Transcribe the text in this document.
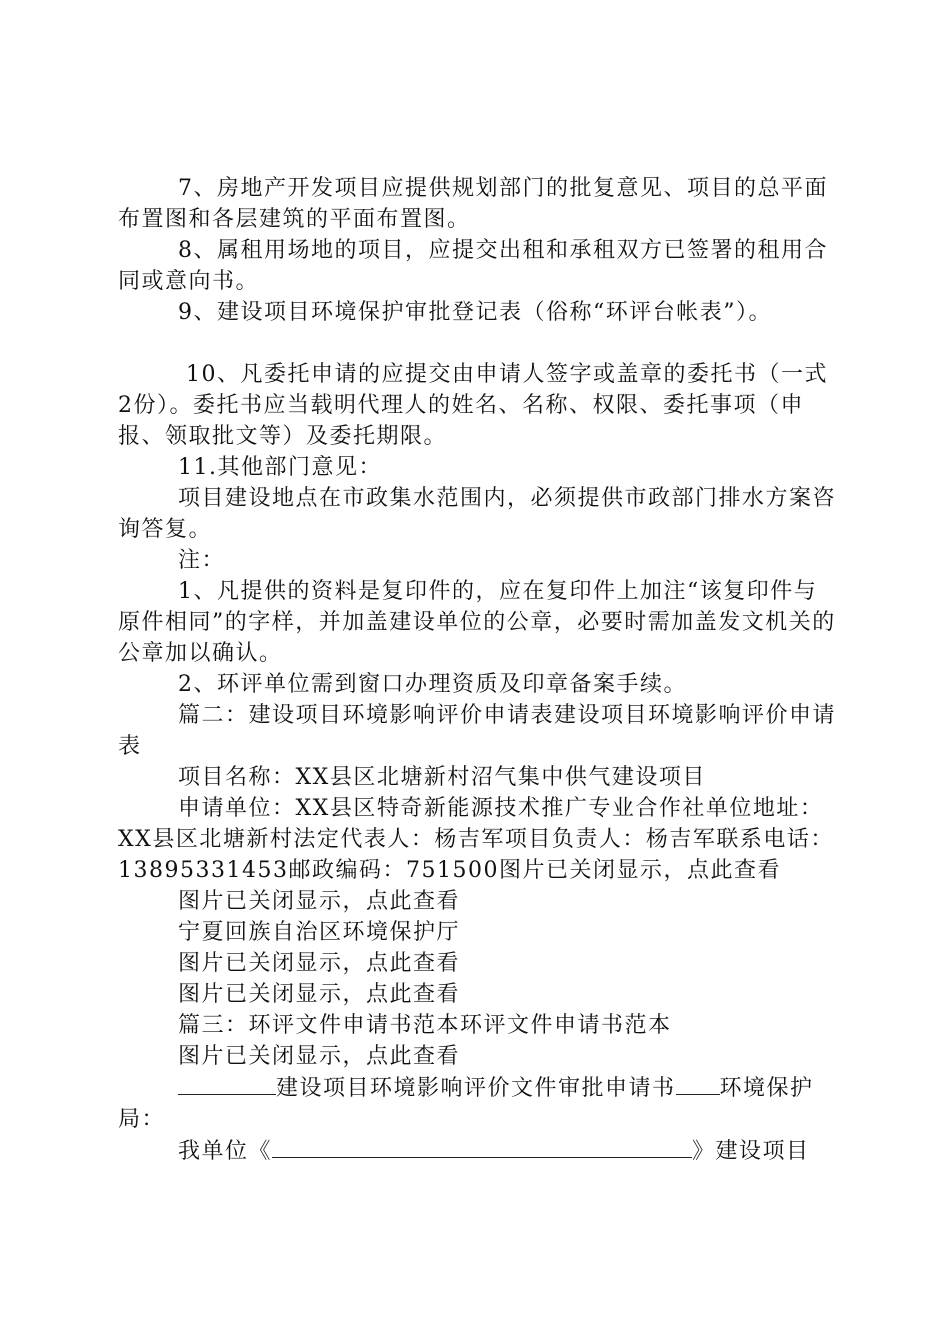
7、房地产开发项目应提供规划部门的批复意见、项目的总平面布置图和各层建筑的平面布置图。

8、属租用场地的项目，应提交出租和承租双方已签署的租用合同或意向书。

9、建设项目环境保护审批登记表（俗称“环评台帐表”）。

10、凡委托申请的应提交由申请人签字或盖章的委托书（一式2份）。委托书应当载明代理人的姓名、名称、权限、委托事项（申报、领取批文等）及委托期限。

11.其他部门意见：

项目建设地点在市政集水范围内，必须提供市政部门排水方案咨询答复。

注：

1、凡提供的资料是复印件的，应在复印件上加注“该复印件与原件相同”的字样，并加盖建设单位的公章，必要时需加盖发文机关的公章加以确认。

2、环评单位需到窗口办理资质及印章备案手续。

篇二：建设项目环境影响评价申请表建设项目环境影响评价申请表

项目名称：XX县区北塘新村沼气集中供气建设项目

申请单位：XX县区特奇新能源技术推广专业合作社单位地址：XX县区北塘新村法定代表人：杨吉军项目负责人：杨吉军联系电话：13895331453邮政编码：751500图片已关闭显示，点此查看

图片已关闭显示，点此查看

宁夏回族自治区环境保护厅

图片已关闭显示，点此查看

图片已关闭显示，点此查看

篇三：环评文件申请书范本环评文件申请书范本

图片已关闭显示，点此查看

建设项目环境影响评价文件审批申请书 环境保护局：

我单位《	》建设项目
